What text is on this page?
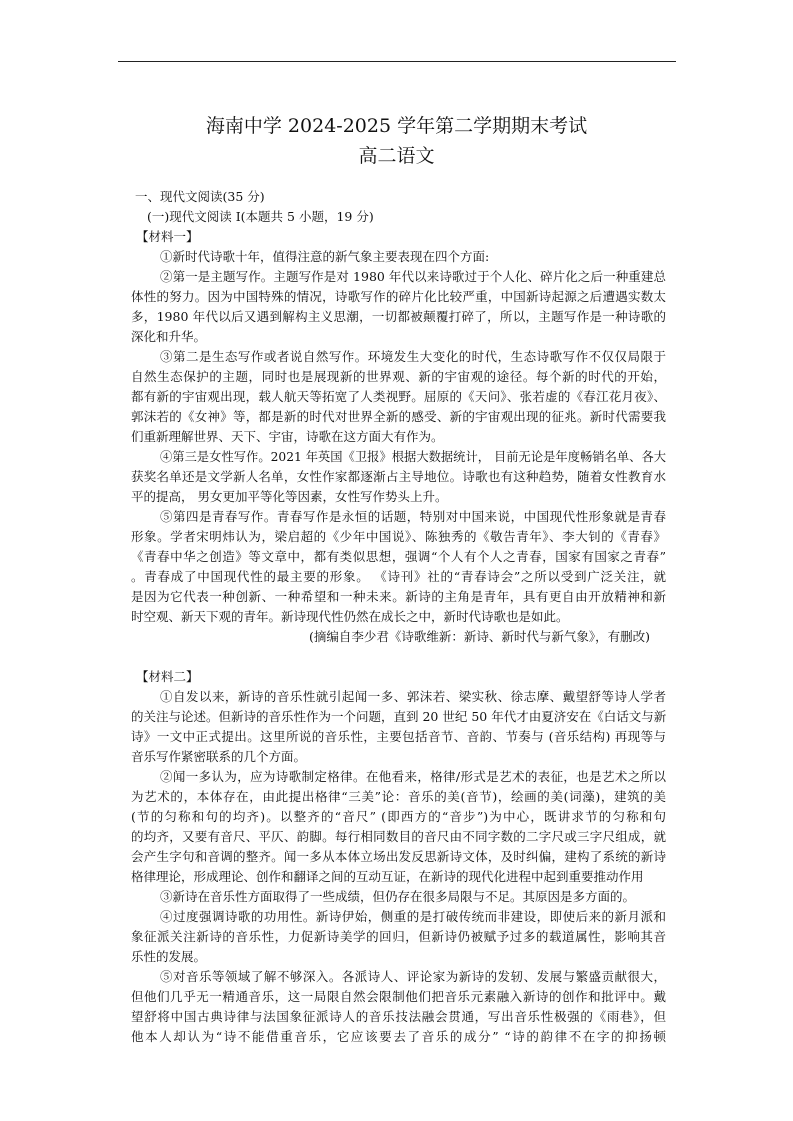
海南中学 2024-2025 学年第二学期期末考试
高二语文
一、现代文阅读(35 分)
(一)现代文阅读 I(本题共 5 小题，19 分)
【材料一】
①新时代诗歌十年，值得注意的新气象主要表现在四个方面:
②第一是主题写作。主题写作是对 1980 年代以来诗歌过于个人化、碎片化之后一种重建总
体性的努力。因为中国特殊的情况，诗歌写作的碎片化比较严重，中国新诗起源之后遭遇实数太
多，1980 年代以后又遇到解构主义思潮，一切都被颠覆打碎了，所以，主题写作是一种诗歌的
深化和升华。
③第二是生态写作或者说自然写作。环境发生大变化的时代，生态诗歌写作不仅仅局限于
自然生态保护的主题，同时也是展现新的世界观、新的宇宙观的途径。每个新的时代的开始，
都有新的宇宙观出现，载人航天等拓宽了人类视野。屈原的《天问》、张若虚的《春江花月夜》、
郭沫若的《女神》等，都是新的时代对世界全新的感受、新的宇宙观出现的征兆。新时代需要我
们重新理解世界、天下、宇宙，诗歌在这方面大有作为。
④第三是女性写作。2021 年英国《卫报》根据大数据统计， 目前无论是年度畅销名单、各大
获奖名单还是文学新人名单，女性作家都逐渐占主导地位。诗歌也有这种趋势，随着女性教育水
平的提高， 男女更加平等化等因素，女性写作势头上升。
⑤第四是青春写作。青春写作是永恒的话题，特别对中国来说，中国现代性形象就是青春
形象。学者宋明炜认为，梁启超的《少年中国说》、陈独秀的《敬告青年》、李大钊的《青春》
《青春中华之创造》等文章中，都有类似思想，强调“个人有个人之青春，国家有国家之青春”
。青春成了中国现代性的最主要的形象。 《诗刊》社的“青春诗会”之所以受到广泛关注，就
是因为它代表一种创新、一种希望和一种未来。新诗的主角是青年，具有更自由开放精神和新
时空观、新天下观的青年。新诗现代性仍然在成长之中，新时代诗歌也是如此。
(摘编自李少君《诗歌维新：新诗、新时代与新气象》，有删改)
【材料二】
①自发以来，新诗的音乐性就引起闻一多、郭沫若、梁实秋、徐志摩、戴望舒等诗人学者
的关注与论述。但新诗的音乐性作为一个问题，直到 20 世纪 50 年代才由夏济安在《白话文与新
诗》一文中正式提出。这里所说的音乐性，主要包括音节、音韵、节奏与 (音乐结构) 再现等与
音乐写作紧密联系的几个方面。
②闻一多认为，应为诗歌制定格律。在他看来，格律/形式是艺术的表征，也是艺术之所以
为艺术的，本体存在，由此提出格律“三美”论：音乐的美(音节)，绘画的美(词藻)，建筑的美
(节的匀称和句的均齐)。以整齐的“音尺” (即西方的“音步”)为中心，既讲求节的匀称和句
的均齐，又要有音尺、平仄、韵脚。每行相同数目的音尺由不同字数的二字尺或三字尺组成，就
会产生字句和音调的整齐。闻一多从本体立场出发反思新诗文体，及时纠偏，建构了系统的新诗
格律理论，形成理论、创作和翻译之间的互动互证，在新诗的现代化进程中起到重要推动作用
③新诗在音乐性方面取得了一些成绩，但仍存在很多局限与不足。其原因是多方面的。
④过度强调诗歌的功用性。新诗伊始，侧重的是打破传统而非建设，即使后来的新月派和
象征派关注新诗的音乐性，力促新诗美学的回归，但新诗仍被赋予过多的载道属性，影响其音
乐性的发展。
⑤对音乐等领域了解不够深入。各派诗人、评论家为新诗的发轫、发展与繁盛贡献很大，
但他们几乎无一精通音乐，这一局限自然会限制他们把音乐元素融入新诗的创作和批评中。戴
望舒将中国古典诗律与法国象征派诗人的音乐技法融会贯通，写出音乐性极强的《雨巷》，但
他本人却认为“诗不能借重音乐，它应该要去了音乐的成分” “诗的韵律不在字的抑扬顿
